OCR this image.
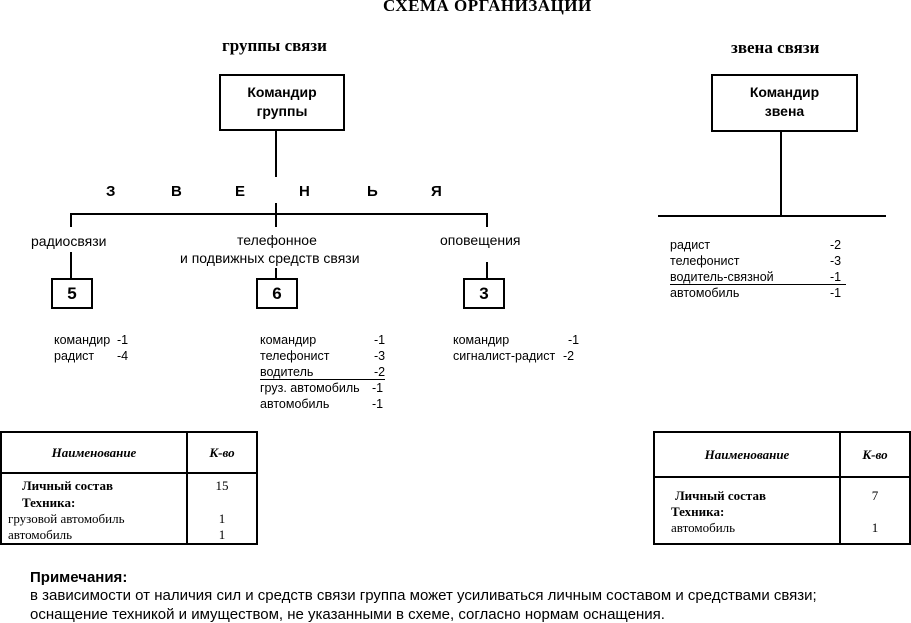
СХЕМА ОРГАНИЗАЦИИ
группы связи
Командир
группы
З	В	Е	Н	Ь	Я
радиосвязи	телефонное
и подвижных средств связи
оповещения
5	6	3
командир -1
радист -4
командир	-1
телефонист	-3
водитель	-2
груз. автомобиль -1
автомобиль	-1
командир	-1
сигналист-радист -2
Наименование	К-во
Личный состав	15
Техника:	
грузовой автомобиль	1
автомобиль	1
звена связи
Командир
звена
радист	-2
телефонист	-3
водитель-связной	-1
автомобиль	-1
Наименование	К-во
Личный состав	7
Техника:	
автомобиль	1
Примечания:
в зависимости от наличия сил и средств связи группа может усиливаться личным составом и средствами связи;
оснащение техникой и имуществом, не указанными в схеме, согласно нормам оснащения.
